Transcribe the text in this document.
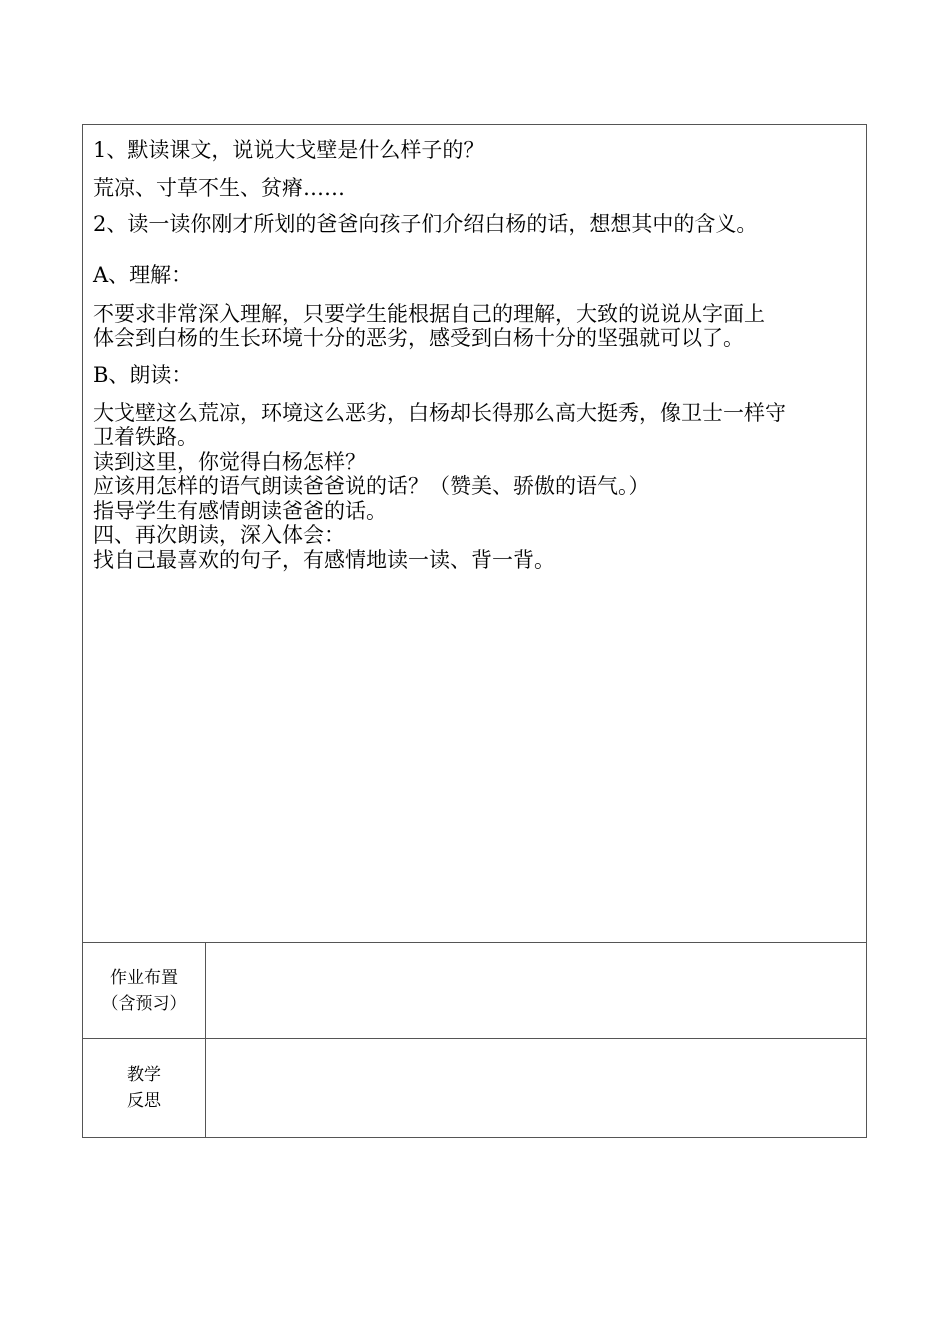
1、默读课文，说说大戈壁是什么样子的？
荒凉、寸草不生、贫瘠……
2、读一读你刚才所划的爸爸向孩子们介绍白杨的话，想想其中的含义。
A、理解：
不要求非常深入理解，只要学生能根据自己的理解，大致的说说从字面上
体会到白杨的生长环境十分的恶劣，感受到白杨十分的坚强就可以了。
B、朗读：
大戈壁这么荒凉，环境这么恶劣，白杨却长得那么高大挺秀，像卫士一样守
卫着铁路。
读到这里，你觉得白杨怎样？
应该用怎样的语气朗读爸爸说的话？（赞美、骄傲的语气。）
指导学生有感情朗读爸爸的话。
四、再次朗读，深入体会：
找自己最喜欢的句子，有感情地读一读、背一背。
作业布置
（含预习）
教学
反思
